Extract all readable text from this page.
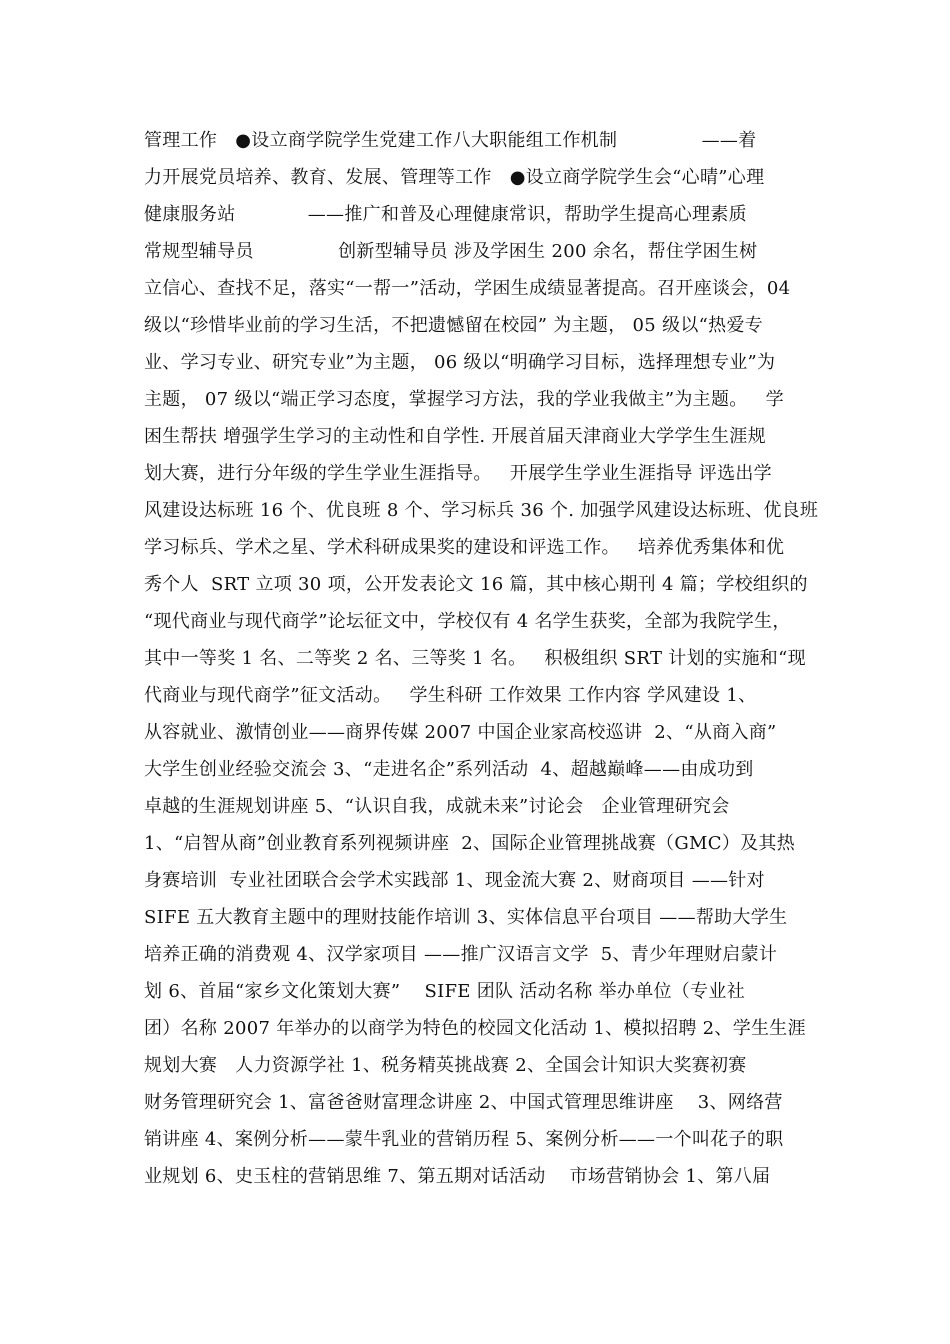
管理工作   ●设立商学院学生党建工作八大职能组工作机制              ——着
力开展党员培养、教育、发展、管理等工作   ●设立商学院学生会“心晴”心理
健康服务站            ——推广和普及心理健康常识，帮助学生提高心理素质
常规型辅导员              创新型辅导员 涉及学困生 200 余名，帮住学困生树
立信心、查找不足，落实“一帮一”活动，学困生成绩显著提高。召开座谈会，04
级以“珍惜毕业前的学习生活，不把遗憾留在校园” 为主题， 05 级以“热爱专
业、学习专业、研究专业”为主题， 06 级以“明确学习目标，选择理想专业”为
主题， 07 级以“端正学习态度，掌握学习方法，我的学业我做主”为主题。   学
困生帮扶 增强学生学习的主动性和自学性. 开展首届天津商业大学学生生涯规
划大赛，进行分年级的学生学业生涯指导。   开展学生学业生涯指导 评选出学
风建设达标班 16 个、优良班 8 个、学习标兵 36 个. 加强学风建设达标班、优良班
学习标兵、学术之星、学术科研成果奖的建设和评选工作。   培养优秀集体和优
秀个人  SRT 立项 30 项，公开发表论文 16 篇，其中核心期刊 4 篇；学校组织的
“现代商业与现代商学”论坛征文中，学校仅有 4 名学生获奖，全部为我院学生，
其中一等奖 1 名、二等奖 2 名、三等奖 1 名。   积极组织 SRT 计划的实施和“现
代商业与现代商学”征文活动。   学生科研 工作效果 工作内容 学风建设 1、
从容就业、激情创业——商界传媒 2007 中国企业家高校巡讲  2、“从商入商”
大学生创业经验交流会 3、“走进名企”系列活动  4、超越巅峰——由成功到
卓越的生涯规划讲座 5、“认识自我，成就未来”讨论会   企业管理研究会
1、“启智从商”创业教育系列视频讲座  2、国际企业管理挑战赛（GMC）及其热
身赛培训  专业社团联合会学术实践部 1、现金流大赛 2、财商项目 ——针对
SIFE 五大教育主题中的理财技能作培训 3、实体信息平台项目 ——帮助大学生
培养正确的消费观 4、汉学家项目 ——推广汉语言文学  5、青少年理财启蒙计
划 6、首届“家乡文化策划大赛”    SIFE 团队 活动名称 举办单位（专业社
团）名称 2007 年举办的以商学为特色的校园文化活动 1、模拟招聘 2、学生生涯
规划大赛   人力资源学社 1、税务精英挑战赛 2、全国会计知识大奖赛初赛
财务管理研究会 1、富爸爸财富理念讲座 2、中国式管理思维讲座    3、网络营
销讲座 4、案例分析——蒙牛乳业的营销历程 5、案例分析——一个叫花子的职
业规划 6、史玉柱的营销思维 7、第五期对话活动    市场营销协会 1、第八届
